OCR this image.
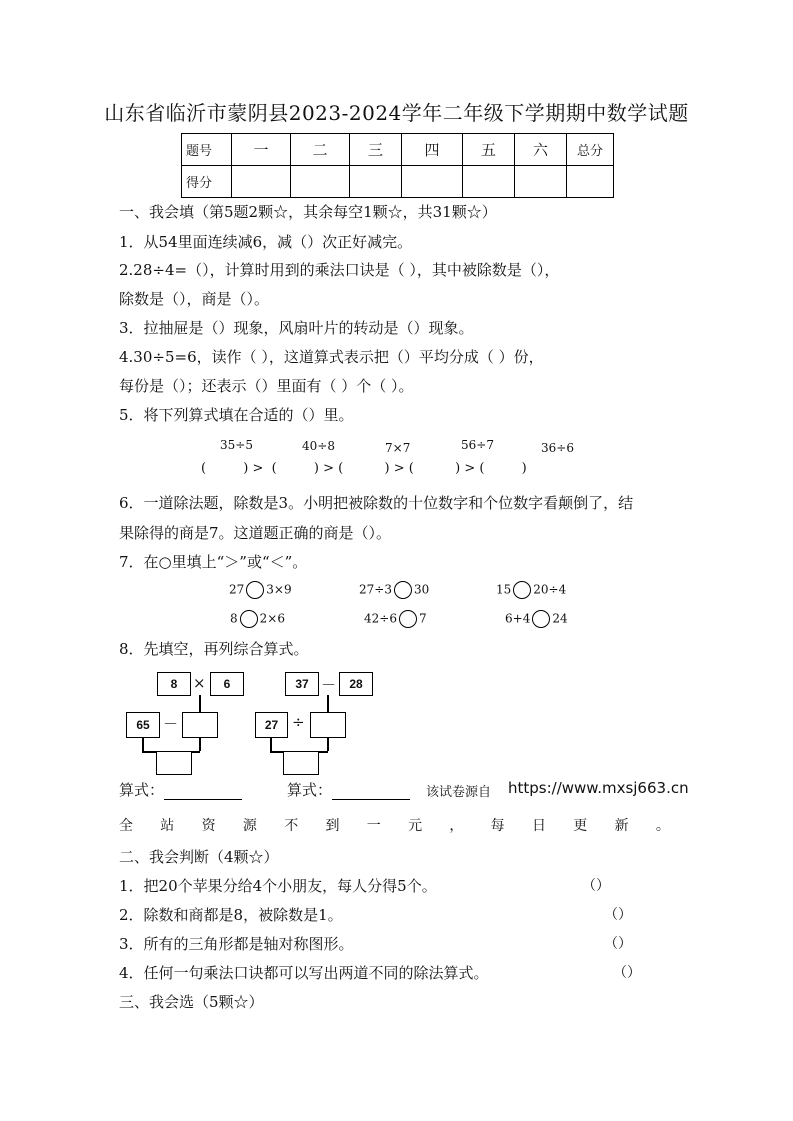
山东省临沂市蒙阴县2023-2024学年二年级下学期期中数学试题
题号	一	二	三	四	五	六	总分
得分							
一、我会填（第5题2颗☆，其余每空1颗☆，共31颗☆）
1．从54里面连续减6，减（）次正好减完。
2.28÷4=（），计算时用到的乘法口诀是（ ），其中被除数是（），
除数是（），商是（）。
3．拉抽屉是（）现象，风扇叶片的转动是（）现象。
4.30÷5=6，读作（ ），这道算式表示把（）平均分成（ ）份，
每份是（）；还表示（）里面有（ ）个（ ）。
5．将下列算式填在合适的（）里。
35÷5	40÷8	7×7	56÷7	36÷6
(         ) >  (         ) > (          ) > (          ) > (         )
6．一道除法题，除数是3。小明把被除数的十位数字和个位数字看颠倒了，结
果除得的商是7。这道题正确的商是（）。
7．在○里填上“＞”或“＜”。
27 3×9	27÷3 30	15 20÷4
8 2×6	42÷6 7	6+4 24
8．先填空，再列综合算式。
8	×	6
65 －
37 －	28
27 ÷
算式：	算式：	该试卷源自 https://www.mxsj663.cn
全 站 资 源 不 到 一 元 ， 每 日 更 新 。
二、我会判断（4颗☆）
1．把20个苹果分给4个小朋友，每人分得5个。	（）
2．除数和商都是8，被除数是1。	（）
3．所有的三角形都是轴对称图形。	（）
4．任何一句乘法口诀都可以写出两道不同的除法算式。	（）
三、我会选（5颗☆）
